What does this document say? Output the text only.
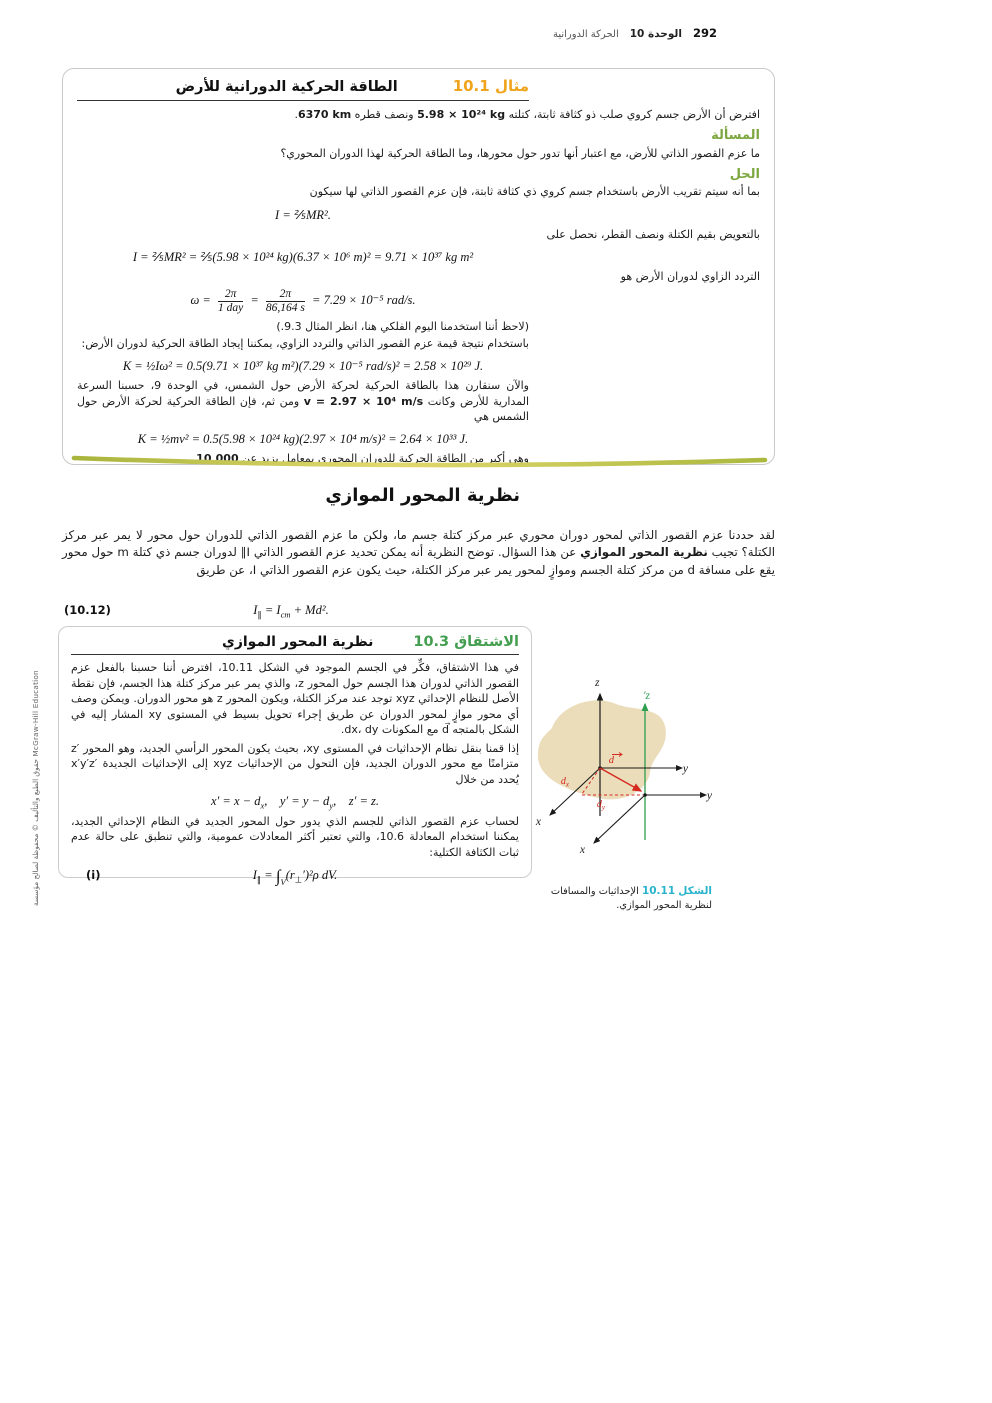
292
الوحدة 10
الحركة الدورانية
مثال 10.1
الطاقة الحركية الدورانية للأرض

افترض أن الأرض جسم كروي صلب ذو كثافة ثابتة، كتلته 5.98 × 10²⁴ kg ونصف قطره 6370 km.

المسألة

ما عزم القصور الذاتي للأرض، مع اعتبار أنها تدور حول محورها، وما الطاقة الحركية لهذا الدوران المحوري؟

الحل

بما أنه سيتم تقريب الأرض باستخدام جسم كروي ذي كثافة ثابتة، فإن عزم القصور الذاتي لها سيكون

I = ⅖MR².

بالتعويض بقيم الكتلة ونصف القطر، نحصل على

I = ⅖MR² = ⅖(5.98 × 10²⁴ kg)(6.37 × 10⁶ m)² = 9.71 × 10³⁷ kg m²

التردد الزاوي لدوران الأرض هو

$\omega = \frac{2\pi}{\text{1 day}} = \frac{2\pi}{86,164 s} = 7.29 \times 10^{-5}$ rad/s.

(لاحظ أننا استخدمنا اليوم الفلكي هنا، انظر المثال 9.3.)

باستخدام نتيجة قيمة عزم القصور الذاتي والتردد الزاوي، يمكننا إيجاد الطاقة الحركية لدوران الأرض:

K = ½Iω² = 0.5(9.71 × 10³⁷ kg m²)(7.29 × 10⁻⁵ rad/s)² = 2.58 × 10²⁹ J.

والآن سنقارن هذا بالطاقة الحركية لحركة الأرض حول الشمس، في الوحدة 9، حسبنا السرعة المدارية للأرض وكانت v = 2.97 × 10⁴ m/s ومن ثم، فإن الطاقة الحركية لحركة الأرض حول الشمس هي

K = ½mv² = 0.5(5.98 × 10²⁴ kg)(2.97 × 10⁴ m/s)² = 2.64 × 10³³ J.

وهي أكبر من الطاقة الحركية للدوران المحوري بمعامل يزيد عن 10,000.

نظرية المحور الموازي

لقد حددنا عزم القصور الذاتي لمحور دوران محوري عبر مركز كتلة جسم ما، ولكن ما عزم القصور الذاتي للدوران حول محور لا يمر عبر مركز الكتلة؟ تجيب نظرية المحور الموازي عن هذا السؤال. توضح النظرية أنه يمكن تحديد عزم القصور الذاتي I∥ لدوران جسم ذي كتلة m حول محور يقع على مسافة d من مركز كتلة الجسم وموازٍ لمحور يمر عبر مركز الكتلة، حيث يكون عزم القصور الذاتي I، عن طريق

(10.12)	$I_\parallel = I_{cm} + Md^2$.
الاشتقاق 10.3
نظرية المحور الموازي

في هذا الاشتقاق، فكِّر في الجسم الموجود في الشكل 10.11، افترض أننا حسبنا بالفعل عزم القصور الذاتي لدوران هذا الجسم حول المحور z، والذي يمر عبر مركز كتلة هذا الجسم، فإن نقطة الأصل للنظام الإحداثي xyz توجد عند مركز الكتلة، ويكون المحور z هو محور الدوران. ويمكن وصف أي محور موازٍ لمحور الدوران عن طريق إجراء تحويل بسيط في المستوى xy المشار إليه في الشكل بالمتجه d⃗ مع المكونات dx، dy.

إذا قمنا بنقل نظام الإحداثيات في المستوى xy، بحيث يكون المحور الرأسي الجديد، وهو المحور z′‎ متزامنًا مع محور الدوران الجديد، فإن التحول من الإحداثيات xyz إلى الإحداثيات الجديدة x′y′z′‎ يُحدد من خلال

$x' = x - d_x$, $y' = y - d_y$, z′ = z.

لحساب عزم القصور الذاتي للجسم الذي يدور حول المحور الجديد في النظام الإحداثي الجديد، يمكننا استخدام المعادلة 10.6، والتي تعتبر أكثر المعادلات عمومية، والتي تنطبق على حالة عدم ثبات الكثافة الكتلية:

(i)	$I_\parallel = \int_V(r_\perp')^2\rho$ dV.
z
z′
y
x
y
x
d
$d_x$
$d_y$
الشكل 10.11 الإحداثيات والمسافات لنظرية المحور الموازي.
حقوق الطبع والتأليف © محفوظة لصالح مؤسسة McGraw-Hill Education
